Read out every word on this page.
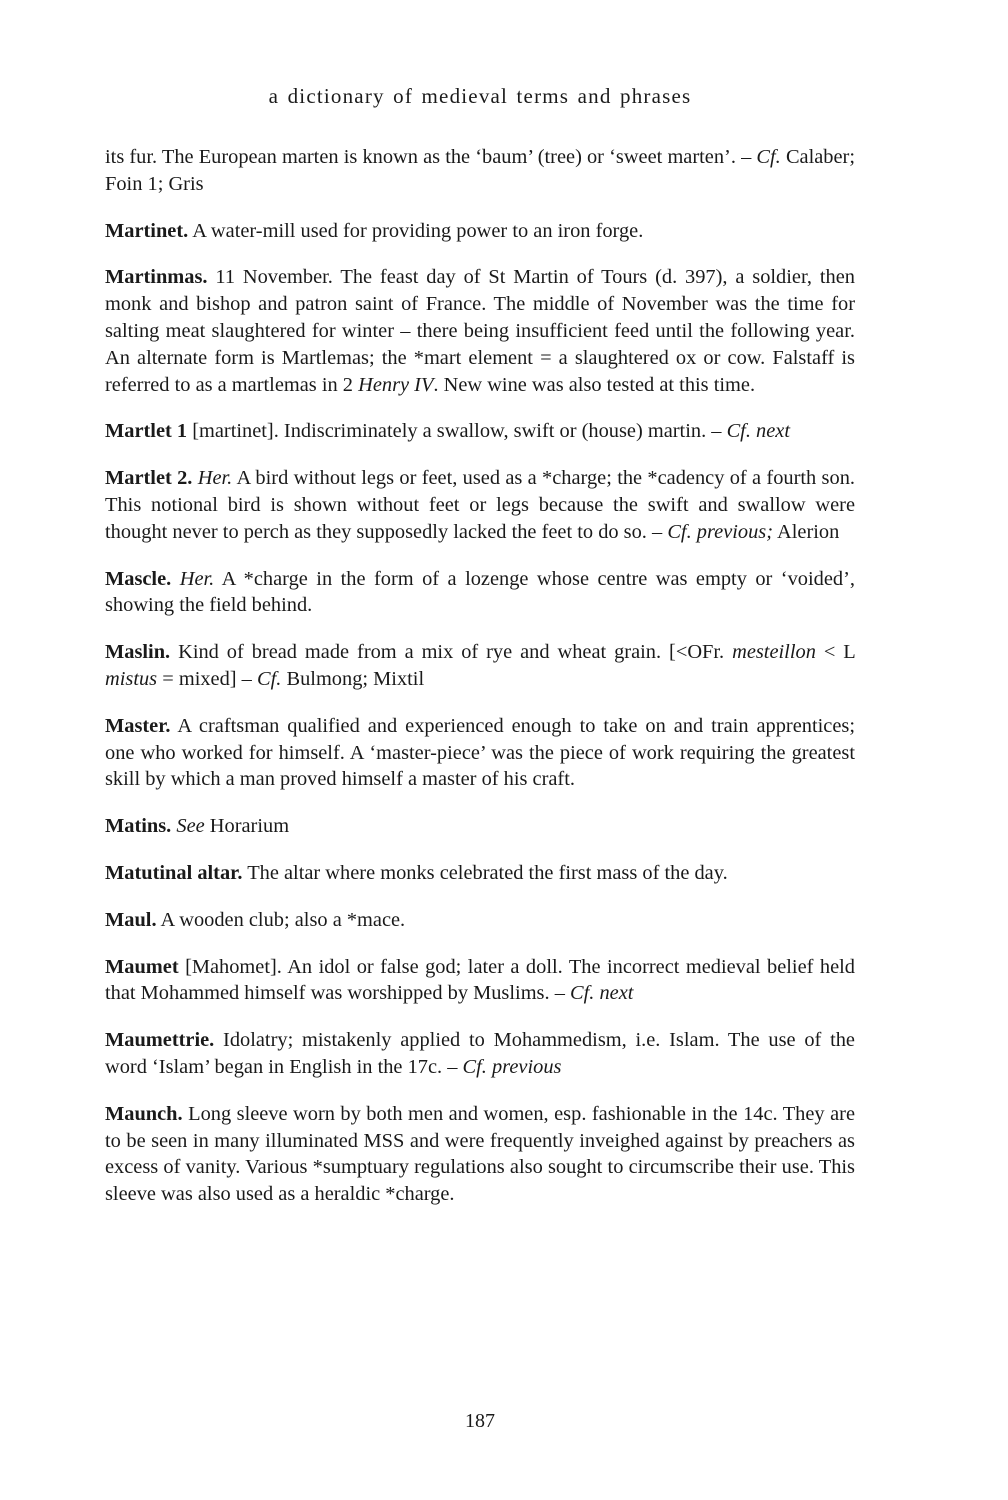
a dictionary of medieval terms and phrases

its fur. The European marten is known as the ‘baum’ (tree) or ‘sweet marten’. – Cf. Calaber; Foin 1; Gris

Martinet. A water-mill used for providing power to an iron forge.

Martinmas. 11 November. The feast day of St Martin of Tours (d. 397), a soldier, then monk and bishop and patron saint of France. The middle of November was the time for salting meat slaughtered for winter – there being insufficient feed until the following year. An alternate form is Martlemas; the *mart element = a slaughtered ox or cow. Falstaff is referred to as a martlemas in 2 Henry IV. New wine was also tested at this time.

Martlet 1 [martinet]. Indiscriminately a swallow, swift or (house) martin. – Cf. next

Martlet 2. Her. A bird without legs or feet, used as a *charge; the *cadency of a fourth son. This notional bird is shown without feet or legs because the swift and swallow were thought never to perch as they supposedly lacked the feet to do so. – Cf. previous; Alerion

Mascle. Her. A *charge in the form of a lozenge whose centre was empty or ‘voided’, showing the field behind.

Maslin. Kind of bread made from a mix of rye and wheat grain. [<OFr. mesteillon < L mistus = mixed] – Cf. Bulmong; Mixtil

Master. A craftsman qualified and experienced enough to take on and train apprentices; one who worked for himself. A ‘master-piece’ was the piece of work requiring the greatest skill by which a man proved himself a master of his craft.

Matins. See Horarium

Matutinal altar. The altar where monks celebrated the first mass of the day.

Maul. A wooden club; also a *mace.

Maumet [Mahomet]. An idol or false god; later a doll. The incorrect medieval belief held that Mohammed himself was worshipped by Muslims. – Cf. next

Maumettrie. Idolatry; mistakenly applied to Mohammedism, i.e. Islam. The use of the word ‘Islam’ began in English in the 17c. – Cf. previous

Maunch. Long sleeve worn by both men and women, esp. fashionable in the 14c. They are to be seen in many illuminated MSS and were frequently inveighed against by preachers as excess of vanity. Various *sumptuary regulations also sought to circumscribe their use. This sleeve was also used as a heraldic *charge.

187
